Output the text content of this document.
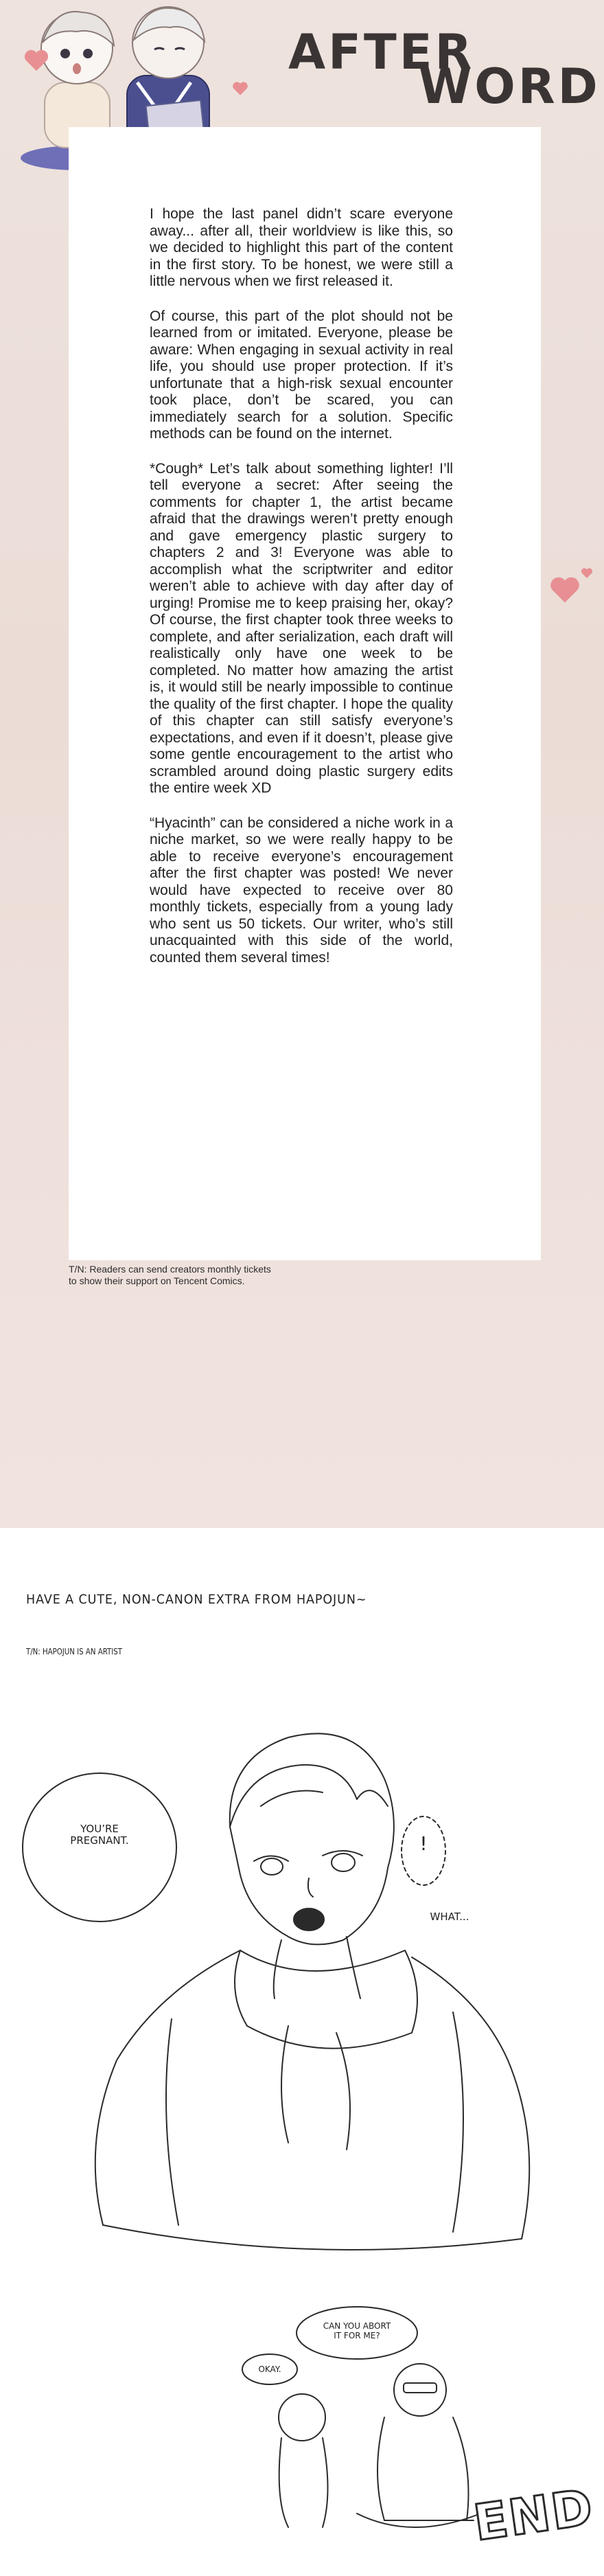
I hope the last panel didn’t scare everyone away... after all, their worldview is like this, so we decided to highlight this part of the content in the first story. To be honest, we were still a little nervous when we first released it.

Of course, this part of the plot should not be learned from or imitated. Everyone, please be aware: When engaging in sexual activity in real life, you should use proper protection. If it’s unfortunate that a high-risk sexual encounter took place, don’t be scared, you can immediately search for a solution. Specific methods can be found on the internet.

*Cough* Let’s talk about something lighter! I’ll tell everyone a secret: After seeing the comments for chapter 1, the artist became afraid that the drawings weren’t pretty enough and gave emergency plastic surgery to chapters 2 and 3! Everyone was able to accomplish what the scriptwriter and editor weren’t able to achieve with day after day of urging! Promise me to keep praising her, okay? Of course, the first chapter took three weeks to complete, and after serialization, each draft will realistically only have one week to be completed. No matter how amazing the artist is, it would still be nearly impossible to continue the quality of the first chapter. I hope the quality of this chapter can still satisfy everyone’s expectations, and even if it doesn’t, please give some gentle encouragement to the artist who scrambled around doing plastic surgery edits the entire week XD

“Hyacinth” can be considered a niche work in a niche market, so we were really happy to be able to receive everyone’s encouragement after the first chapter was posted! We never would have expected to receive over 80 monthly tickets, especially from a young lady who sent us 50 tickets. Our writer, who’s still unacquainted with this side of the world, counted them several times!

AFTER
WORD
T/N: Readers can send creators monthly tickets
to show their support on Tencent Comics.
HAVE A CUTE, NON-CANON EXTRA FROM HAPOJUN~
T/N: HAPOJUN IS AN ARTIST
YOU’RE
PREGNANT.	!
WHAT...
CAN YOU ABORT
IT FOR ME?
OKAY.
END
